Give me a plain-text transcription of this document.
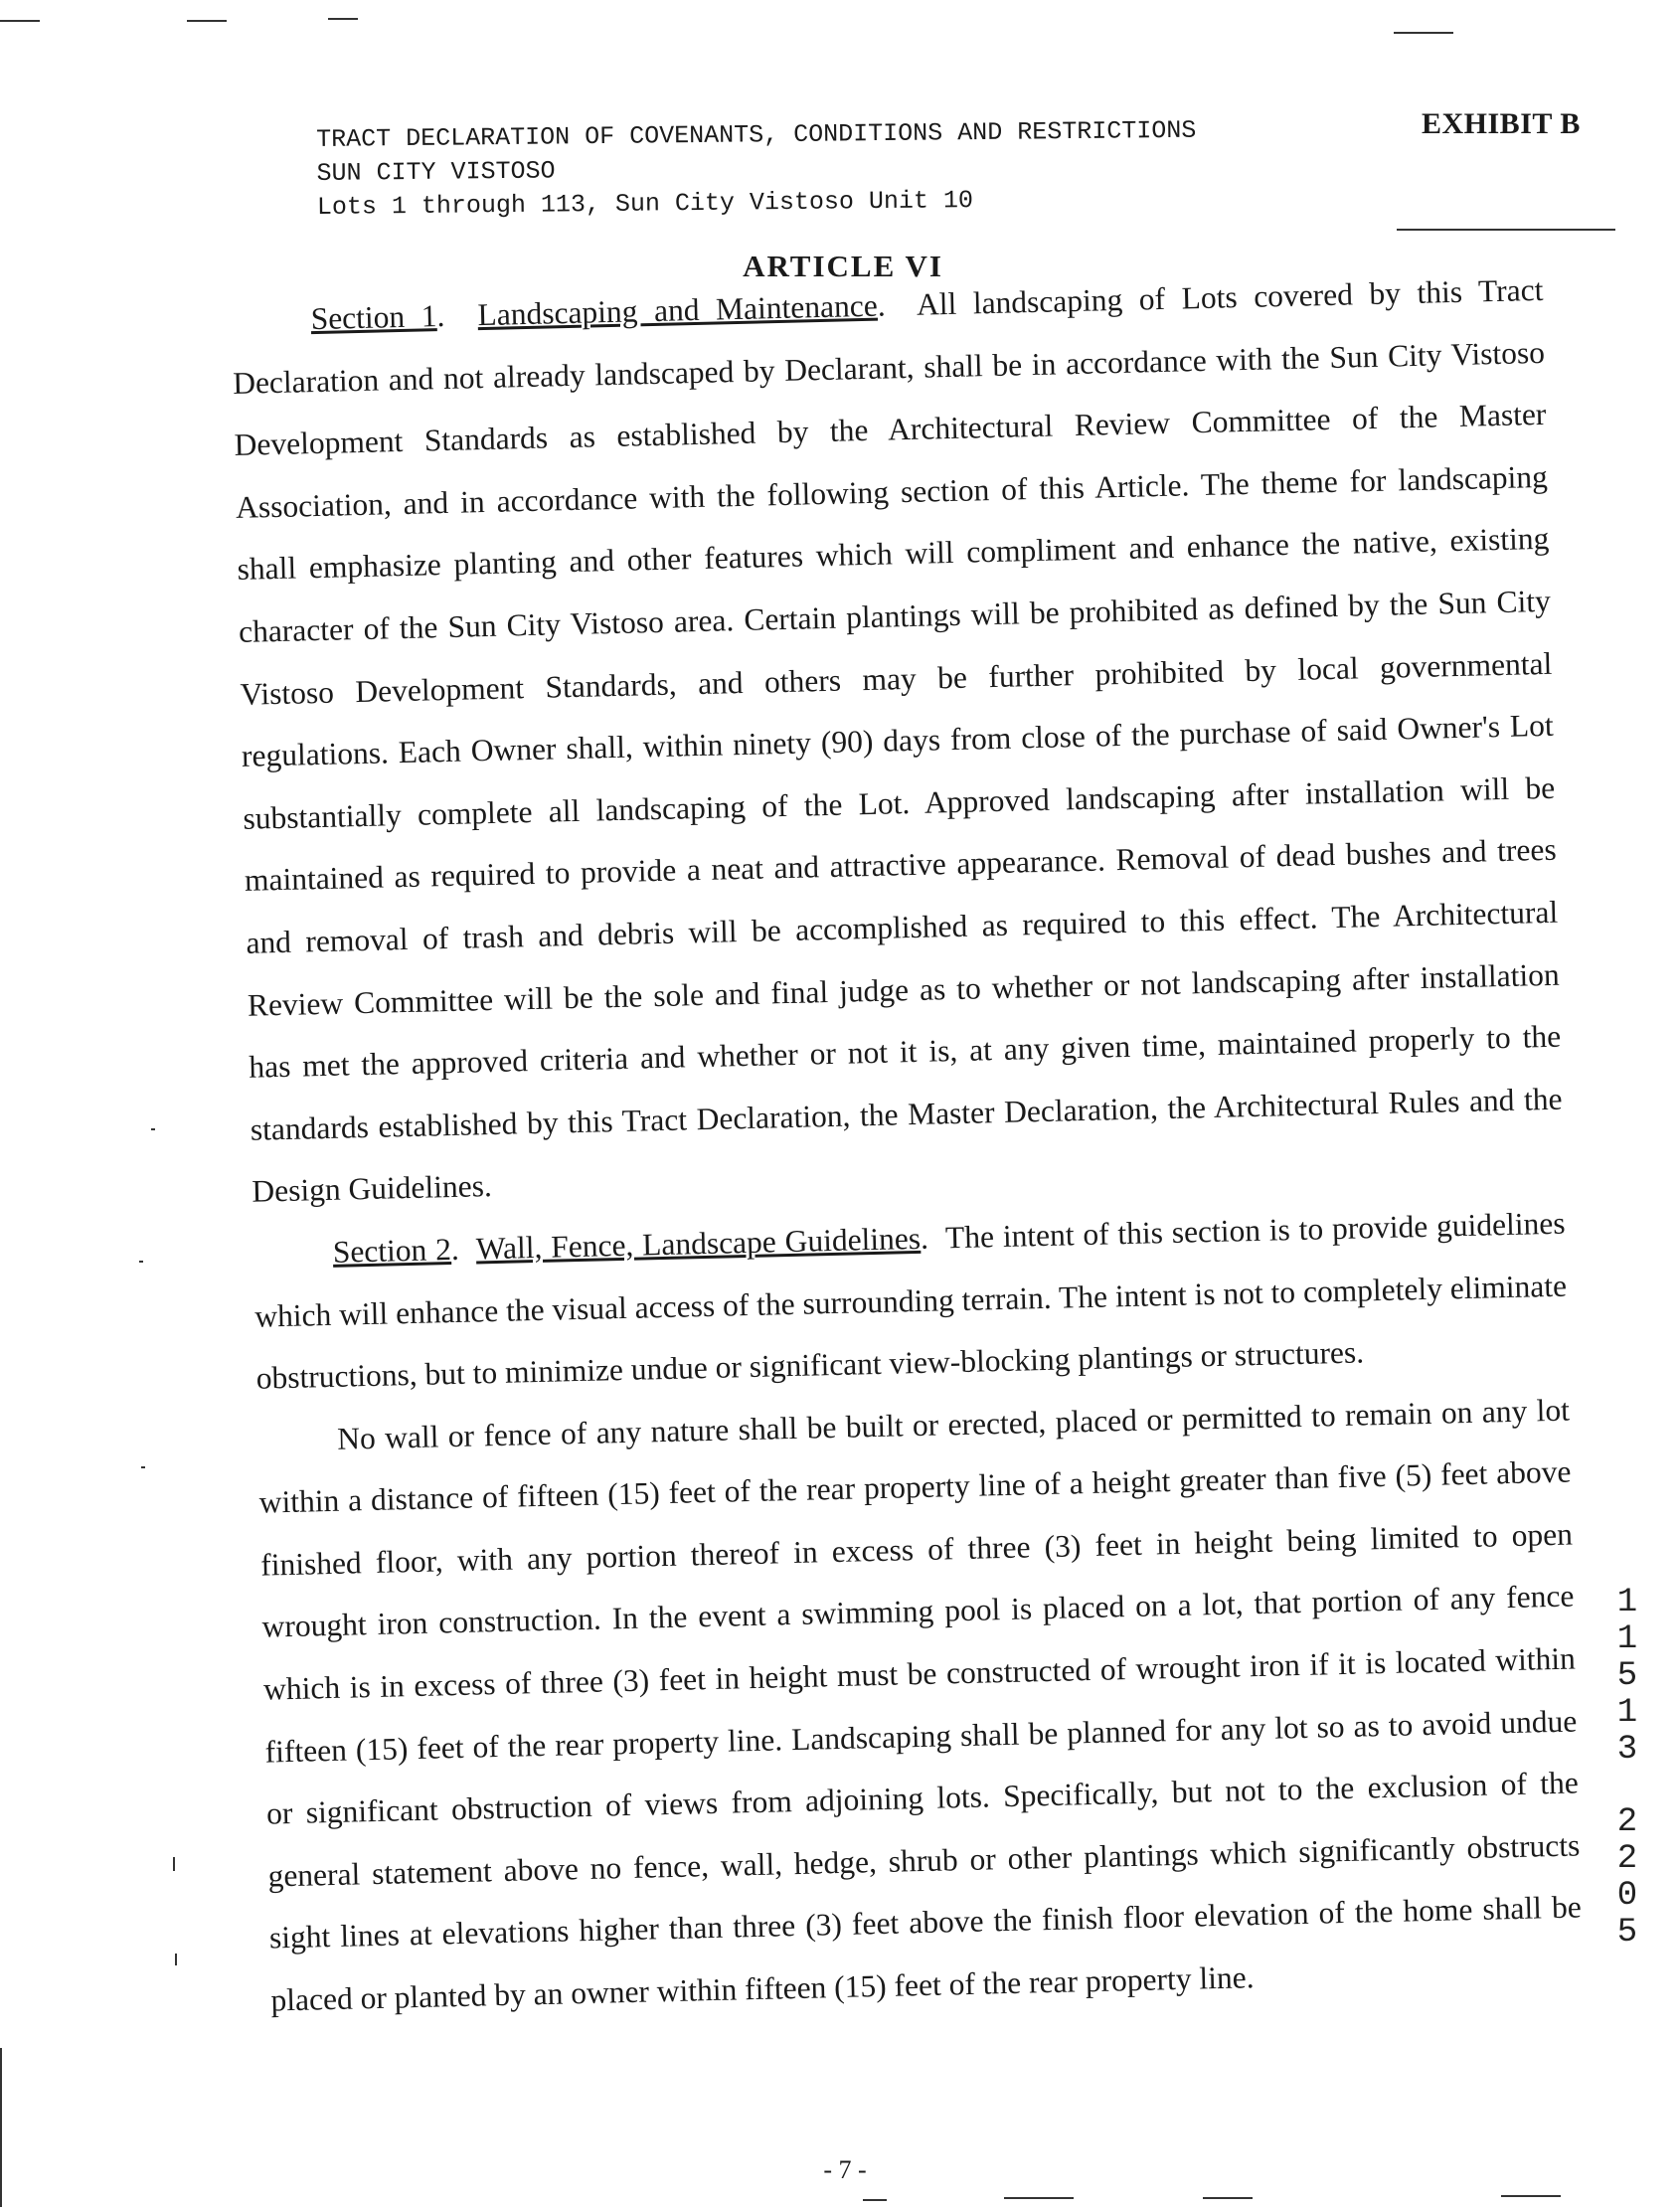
EXHIBIT B
TRACT DECLARATION OF COVENANTS, CONDITIONS AND RESTRICTIONS
SUN CITY VISTOSO
Lots 1 through 113, Sun City Vistoso Unit 10
ARTICLE VI

Section 1.  Landscaping and Maintenance.  All landscaping of Lots covered by this Tract Declaration and not already landscaped by Declarant, shall be in accordance with the Sun City Vistoso Development Standards as established by the Architectural Review Committee of the Master Association, and in accordance with the following section of this Article. The theme for landscaping shall emphasize planting and other features which will compliment and enhance the native, existing character of the Sun City Vistoso area. Certain plantings will be prohibited as defined by the Sun City Vistoso Development Standards, and others may be further prohibited by local governmental regulations. Each Owner shall, within ninety (90) days from close of the purchase of said Owner's Lot substantially complete all landscaping of the Lot. Approved landscaping after installation will be maintained as required to provide a neat and attractive appearance. Removal of dead bushes and trees and removal of trash and debris will be accomplished as required to this effect. The Architectural Review Committee will be the sole and final judge as to whether or not landscaping after installation has met the approved criteria and whether or not it is, at any given time, maintained properly to the standards established by this Tract Declaration, the Master Declaration, the Architectural Rules and the Design Guidelines.

Section 2.  Wall, Fence, Landscape Guidelines.  The intent of this section is to provide guidelines which will enhance the visual access of the surrounding terrain. The intent is not to completely eliminate obstructions, but to minimize undue or significant view-blocking plantings or structures.

No wall or fence of any nature shall be built or erected, placed or permitted to remain on any lot within a distance of fifteen (15) feet of the rear property line of a height greater than five (5) feet above finished floor, with any portion thereof in excess of three (3) feet in height being limited to open wrought iron construction. In the event a swimming pool is placed on a lot, that portion of any fence which is in excess of three (3) feet in height must be constructed of wrought iron if it is located within fifteen (15) feet of the rear property line. Landscaping shall be planned for any lot so as to avoid undue or significant obstruction of views from adjoining lots. Specifically, but not to the exclusion of the general statement above no fence, wall, hedge, shrub or other plantings which significantly obstructs sight lines at elevations higher than three (3) feet above the finish floor elevation of the home shall be placed or planted by an owner within fifteen (15) feet of the rear property line.

1
1
5
1
3
2
2
0
5
- 7 -
